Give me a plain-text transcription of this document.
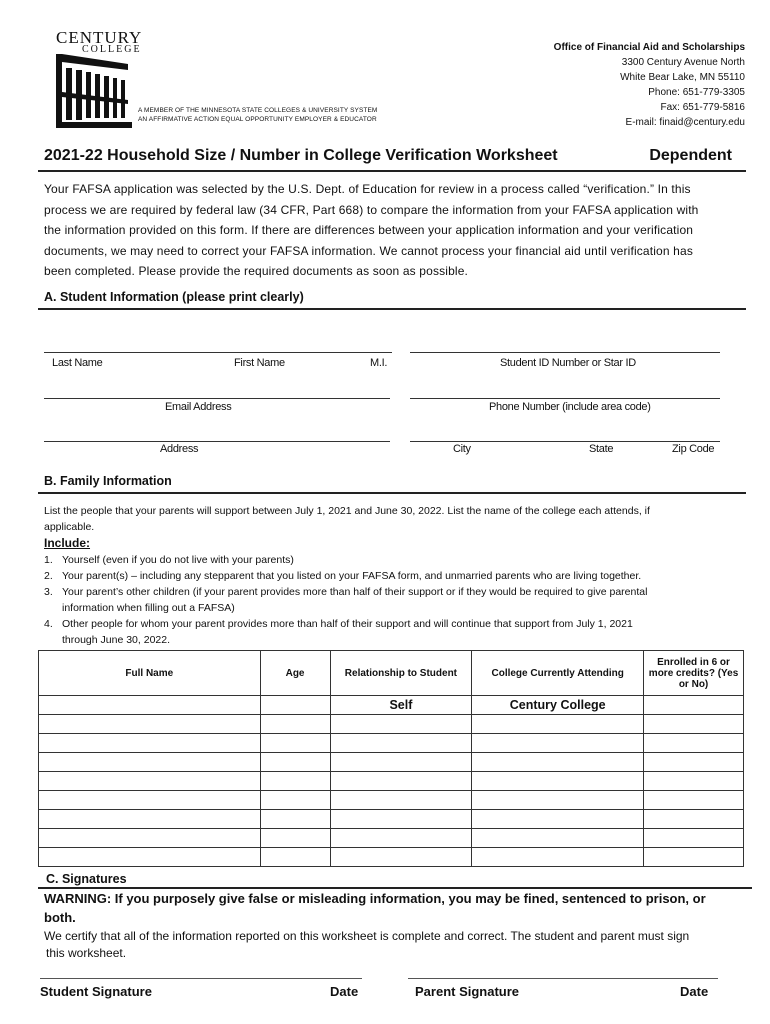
CENTURY
COLLEGE
A MEMBER OF THE MINNESOTA STATE COLLEGES & UNIVERSITY SYSTEM
AN AFFIRMATIVE ACTION EQUAL OPPORTUNITY EMPLOYER & EDUCATOR
Office of Financial Aid and Scholarships
3300 Century Avenue North
White Bear Lake, MN 55110
Phone: 651-779-3305
Fax: 651-779-5816
E-mail: finaid@century.edu
2021-22 Household Size / Number in College Verification Worksheet	Dependent
Your FAFSA application was selected by the U.S. Dept. of Education for review in a process called “verification.” In this
process we are required by federal law (34 CFR, Part 668) to compare the information from your FAFSA application with
the information provided on this form. If there are differences between your application information and your verification
documents, we may need to correct your FAFSA information. We cannot process your financial aid until verification has
been completed. Please provide the required documents as soon as possible.
A. Student Information (please print clearly)
Last Name	First Name	M.I.	Student ID Number or Star ID
Email Address	Phone Number (include area code)
Address	City	State	Zip Code
B. Family Information
List the people that your parents will support between July 1, 2021 and June 30, 2022. List the name of the college each attends, if
applicable.
Include:
1. Yourself (even if you do not live with your parents)
2. Your parent(s) – including any stepparent that you listed on your FAFSA form, and unmarried parents who are living together.
3. Your parent’s other children (if your parent provides more than half of their support or if they would be required to give parental
information when filling out a FAFSA)
4. Other people for whom your parent provides more than half of their support and will continue that support from July 1, 2021
through June 30, 2022.
Full Name	Age	Relationship to Student	College Currently Attending	Enrolled in 6 or more credits? (Yes or No)
		Self	Century College	

C. Signatures
WARNING: If you purposely give false or misleading information, you may be fined, sentenced to prison, or
both.
We certify that all of the information reported on this worksheet is complete and correct. The student and parent must sign
this worksheet.
Student Signature	Date	Parent Signature	Date
